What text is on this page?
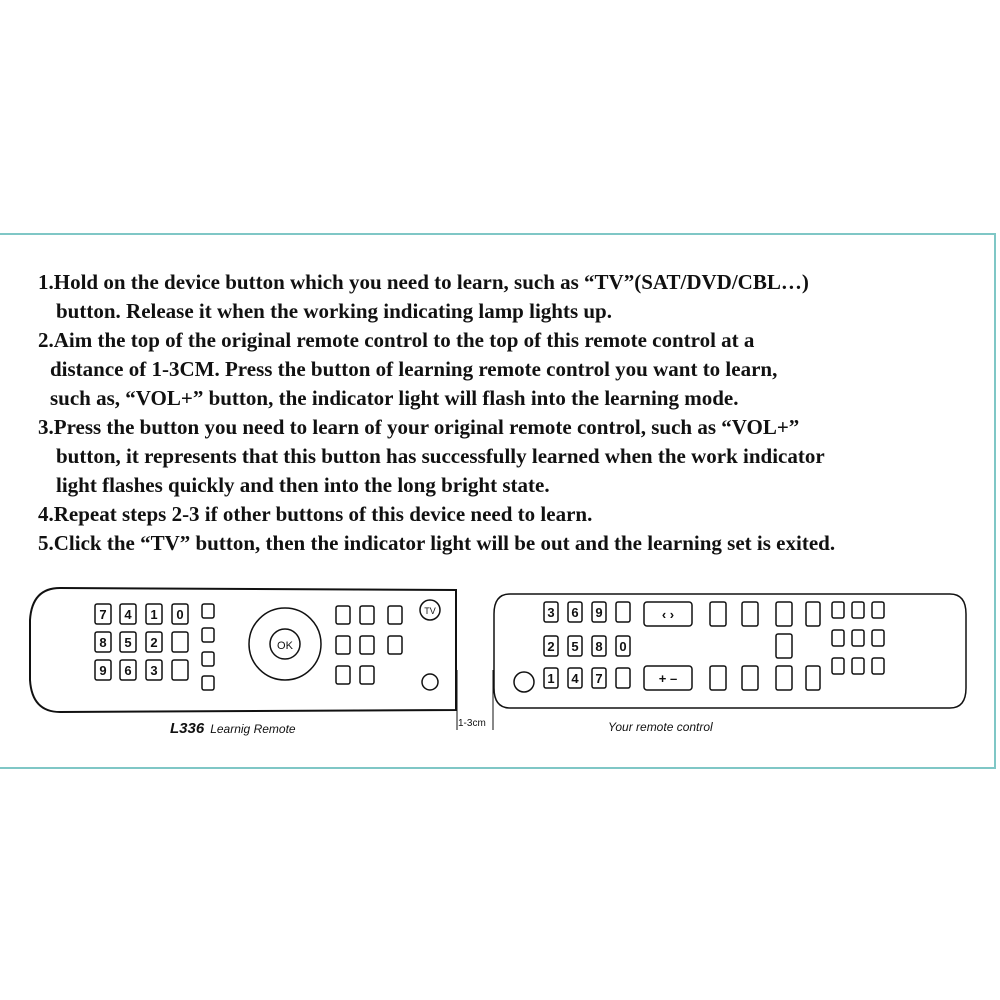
1.Hold on the device button which you need to learn, such as “TV”(SAT/DVD/CBL…)

button. Release it when the working indicating lamp lights up.

2.Aim the top of the original remote control to the top of this remote control at a

distance of 1-3CM. Press the button of learning remote control you want to learn,

such as, “VOL+” button, the indicator light will flash into the learning mode.

3.Press the button you need to learn of your original remote control, such as “VOL+”

button, it represents that this button has successfully learned when the work indicator

light flashes quickly and then into the long bright state.

4.Repeat steps 2-3 if other buttons of this device need to learn.

5.Click the “TV” button, then the indicator light will be out and the learning set is exited.

7 4 1 0
8 5 2
9 6 3
OK
TV	3 6 9
2 5 8 0
1 4 7
‹ ›
+ –
L336 Learnig Remote	1-3cm	Your remote control
